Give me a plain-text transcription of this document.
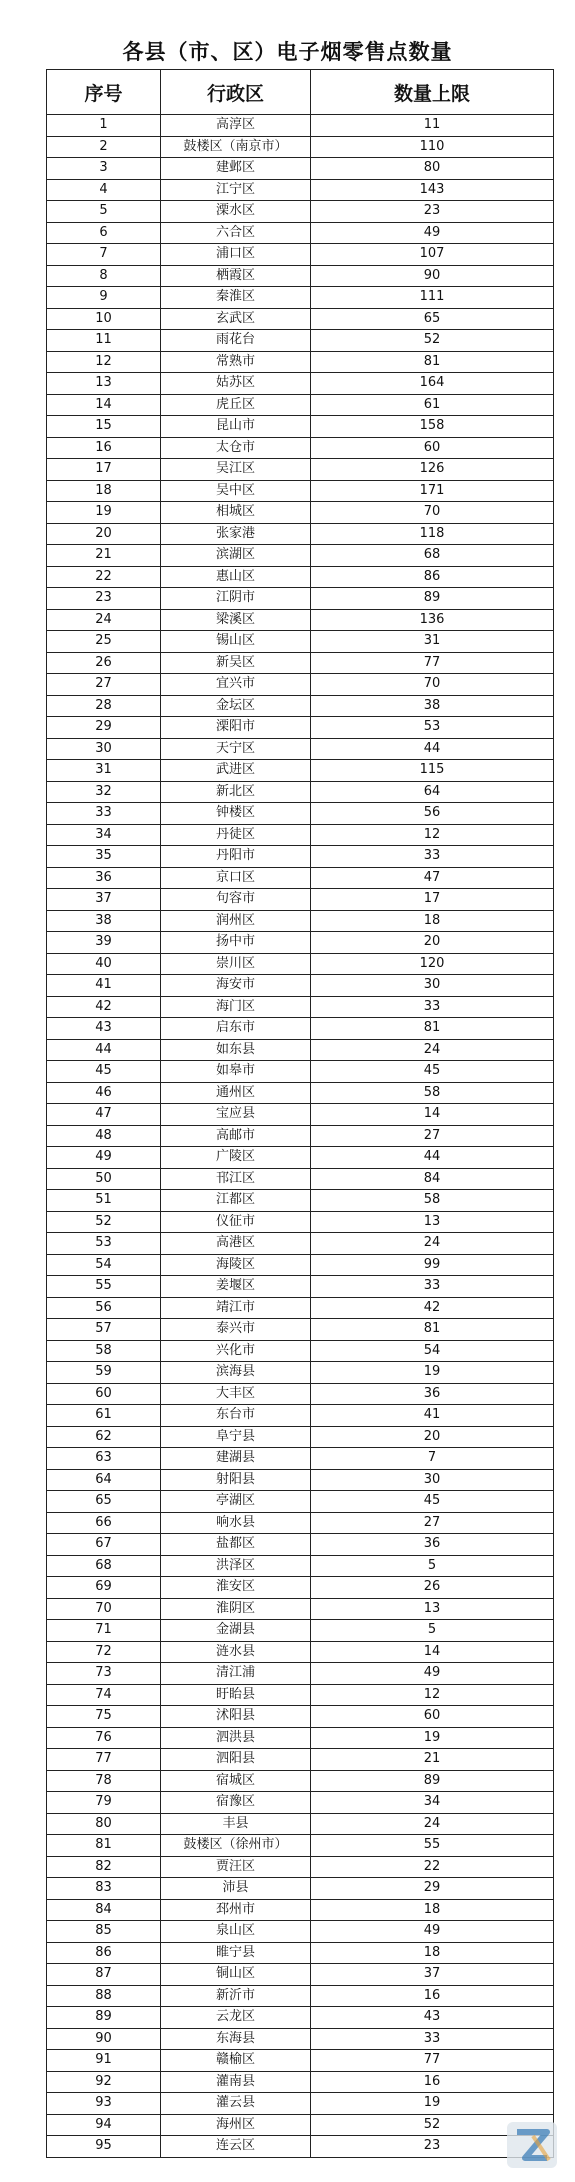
各县（市、区）电子烟零售点数量
序号	行政区	数量上限
1	高淳区	11
2	鼓楼区（南京市）	110
3	建邺区	80
4	江宁区	143
5	溧水区	23
6	六合区	49
7	浦口区	107
8	栖霞区	90
9	秦淮区	111
10	玄武区	65
11	雨花台	52
12	常熟市	81
13	姑苏区	164
14	虎丘区	61
15	昆山市	158
16	太仓市	60
17	吴江区	126
18	吴中区	171
19	相城区	70
20	张家港	118
21	滨湖区	68
22	惠山区	86
23	江阴市	89
24	梁溪区	136
25	锡山区	31
26	新吴区	77
27	宜兴市	70
28	金坛区	38
29	溧阳市	53
30	天宁区	44
31	武进区	115
32	新北区	64
33	钟楼区	56
34	丹徒区	12
35	丹阳市	33
36	京口区	47
37	句容市	17
38	润州区	18
39	扬中市	20
40	崇川区	120
41	海安市	30
42	海门区	33
43	启东市	81
44	如东县	24
45	如皋市	45
46	通州区	58
47	宝应县	14
48	高邮市	27
49	广陵区	44
50	邗江区	84
51	江都区	58
52	仪征市	13
53	高港区	24
54	海陵区	99
55	姜堰区	33
56	靖江市	42
57	泰兴市	81
58	兴化市	54
59	滨海县	19
60	大丰区	36
61	东台市	41
62	阜宁县	20
63	建湖县	7
64	射阳县	30
65	亭湖区	45
66	响水县	27
67	盐都区	36
68	洪泽区	5
69	淮安区	26
70	淮阴区	13
71	金湖县	5
72	涟水县	14
73	清江浦	49
74	盱眙县	12
75	沭阳县	60
76	泗洪县	19
77	泗阳县	21
78	宿城区	89
79	宿豫区	34
80	丰县	24
81	鼓楼区（徐州市）	55
82	贾汪区	22
83	沛县	29
84	邳州市	18
85	泉山区	49
86	睢宁县	18
87	铜山区	37
88	新沂市	16
89	云龙区	43
90	东海县	33
91	赣榆区	77
92	灌南县	16
93	灌云县	19
94	海州区	52
95	连云区	23
